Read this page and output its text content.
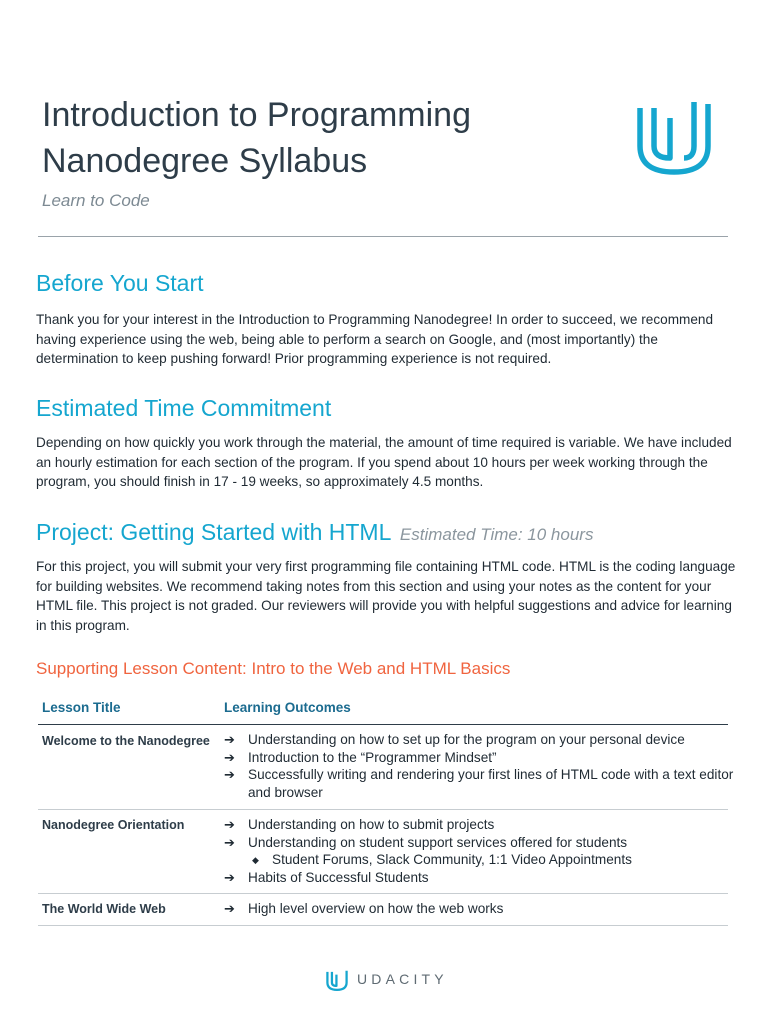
Introduction to Programming
Nanodegree Syllabus
Learn to Code
Before You Start

Thank you for your interest in the Introduction to Programming Nanodegree! In order to succeed, we recommend having experience using the web, being able to perform a search on Google, and (most importantly) the determination to keep pushing forward! Prior programming experience is not required.

Estimated Time Commitment

Depending on how quickly you work through the material, the amount of time required is variable. We have included an hourly estimation for each section of the program. If you spend about 10 hours per week working through the program, you should finish in 17 - 19 weeks, so approximately 4.5 months.

Project: Getting Started with HTML Estimated Time: 10 hours

For this project, you will submit your very first programming file containing HTML code. HTML is the coding language for building websites. We recommend taking notes from this section and using your notes as the content for your HTML file. This project is not graded. Our reviewers will provide you with helpful suggestions and advice for learning in this program.

Supporting Lesson Content: Intro to the Web and HTML Basics
Lesson Title	Learning Outcomes
Welcome to the Nanodegree ➔ Understanding on how to set up for the program on your personal device
➔ Introduction to the “Programmer Mindset”
➔ Successfully writing and rendering your first lines of HTML code with a text editor and browser
Nanodegree Orientation	➔ Understanding on how to submit projects
➔ Understanding on student support services offered for students
◆ Student Forums, Slack Community, 1:1 Video Appointments
➔ Habits of Successful Students
The World Wide Web	➔ High level overview on how the web works
UDACITY
